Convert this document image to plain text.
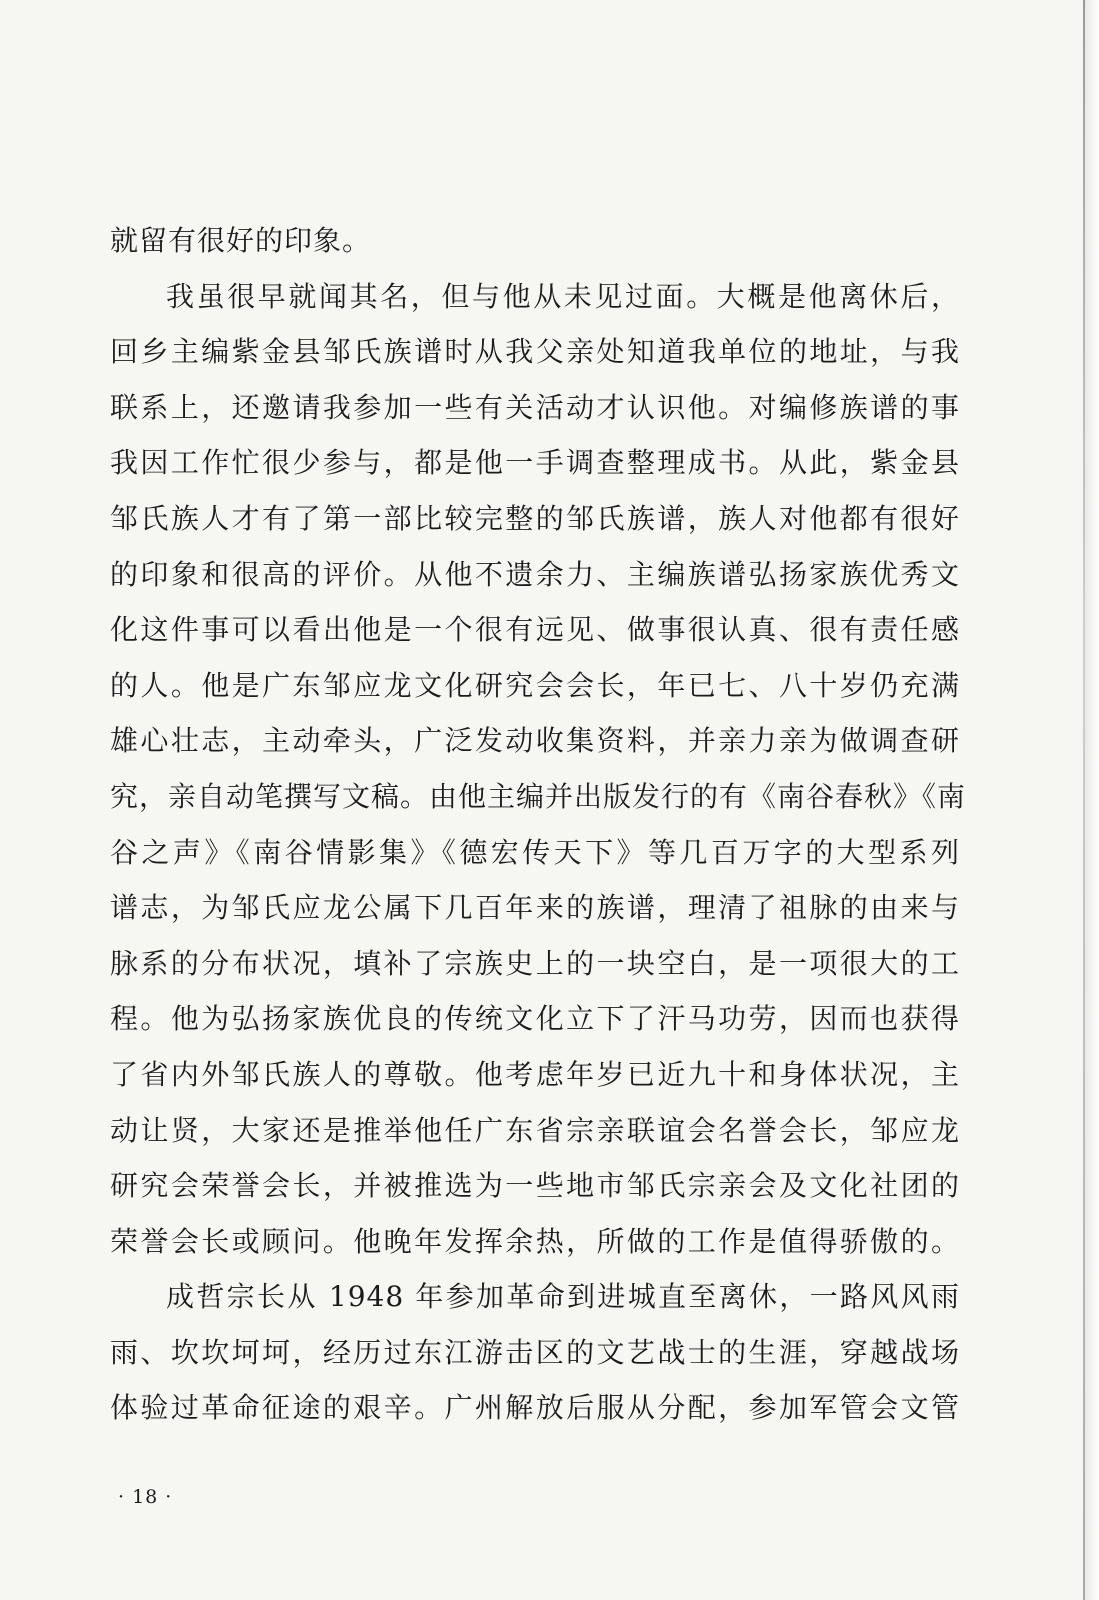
就留有很好的印象。
我虽很早就闻其名，但与他从未见过面。大概是他离休后，
回乡主编紫金县邹氏族谱时从我父亲处知道我单位的地址，与我
联系上，还邀请我参加一些有关活动才认识他。对编修族谱的事
我因工作忙很少参与，都是他一手调查整理成书。从此，紫金县
邹氏族人才有了第一部比较完整的邹氏族谱，族人对他都有很好
的印象和很高的评价。从他不遗余力、主编族谱弘扬家族优秀文
化这件事可以看出他是一个很有远见、做事很认真、很有责任感
的人。他是广东邹应龙文化研究会会长，年已七、八十岁仍充满
雄心壮志，主动牵头，广泛发动收集资料，并亲力亲为做调查研
究，亲自动笔撰写文稿。由他主编并出版发行的有《南谷春秋》《南
谷之声》《南谷情影集》《德宏传天下》等几百万字的大型系列
谱志，为邹氏应龙公属下几百年来的族谱，理清了祖脉的由来与
脉系的分布状况，填补了宗族史上的一块空白，是一项很大的工
程。他为弘扬家族优良的传统文化立下了汗马功劳，因而也获得
了省内外邹氏族人的尊敬。他考虑年岁已近九十和身体状况，主
动让贤，大家还是推举他任广东省宗亲联谊会名誉会长，邹应龙
研究会荣誉会长，并被推选为一些地市邹氏宗亲会及文化社团的
荣誉会长或顾问。他晚年发挥余热，所做的工作是值得骄傲的。
成哲宗长从 1948 年参加革命到进城直至离休，一路风风雨
雨、坎坎坷坷，经历过东江游击区的文艺战士的生涯，穿越战场
体验过革命征途的艰辛。广州解放后服从分配，参加军管会文管
· 18 ·
